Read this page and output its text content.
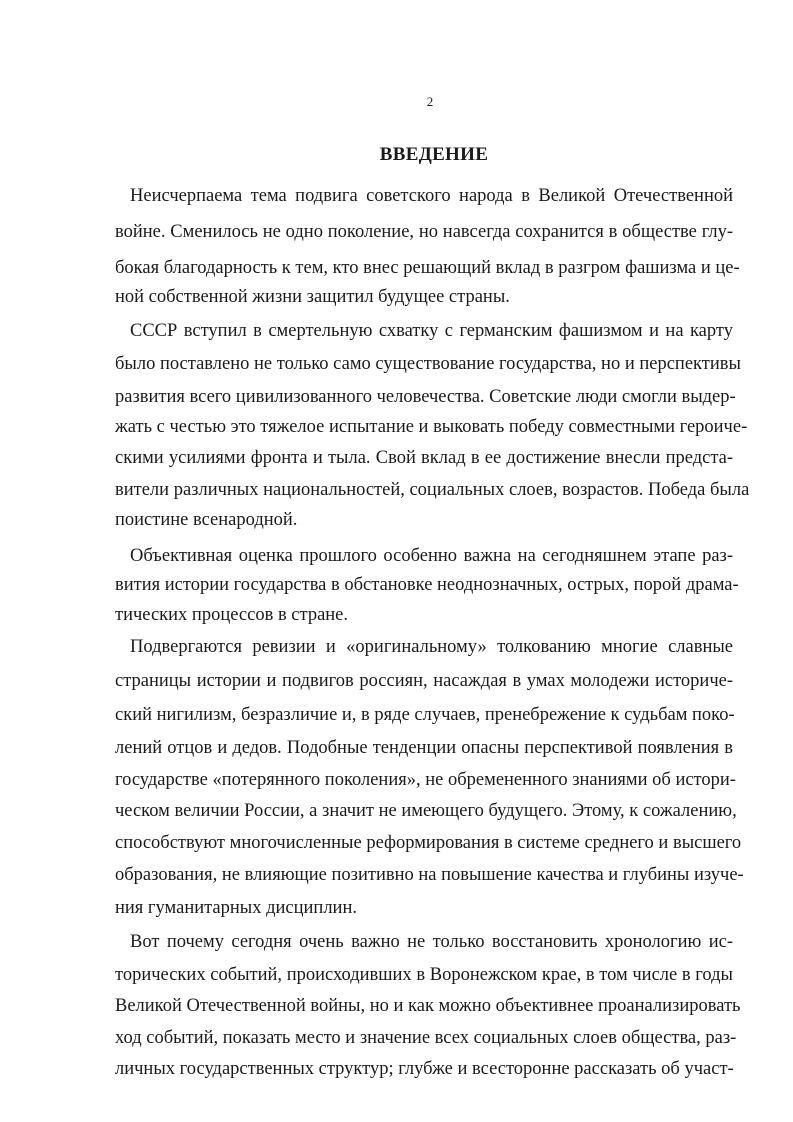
2
ВВЕДЕНИЕ
Неисчерпаема тема подвига советского народа в Великой Отечественной
войне. Сменилось не одно поколение, но навсегда сохранится в обществе глу-
бокая благодарность к тем, кто внес решающий вклад в разгром фашизма и це-
ной собственной жизни защитил будущее страны.
СССР вступил в смертельную схватку с германским фашизмом и на карту
было поставлено не только само существование государства, но и перспективы
развития всего цивилизованного человечества. Советские люди смогли выдер-
жать с честью это тяжелое испытание и выковать победу совместными героиче-
скими усилиями фронта и тыла. Свой вклад в ее достижение внесли предста-
вители различных национальностей, социальных слоев, возрастов. Победа была
поистине всенародной.
Объективная оценка прошлого особенно важна на сегодняшнем этапе раз-
вития истории государства в обстановке неоднозначных, острых, порой драма-
тических процессов в стране.
Подвергаются ревизии и «оригинальному» толкованию многие славные
страницы истории и подвигов россиян, насаждая в умах молодежи историче-
ский нигилизм, безразличие и, в ряде случаев, пренебрежение к судьбам поко-
лений отцов и дедов. Подобные тенденции опасны перспективой появления в
государстве «потерянного поколения», не обремененного знаниями об истори-
ческом величии России, а значит не имеющего будущего. Этому, к сожалению,
способствуют многочисленные реформирования в системе среднего и высшего
образования, не влияющие позитивно на повышение качества и глубины изуче-
ния гуманитарных дисциплин.
Вот почему сегодня очень важно не только восстановить хронологию ис-
торических событий, происходивших в Воронежском крае, в том числе в годы
Великой Отечественной войны, но и как можно объективнее проанализировать
ход событий, показать место и значение всех социальных слоев общества, раз-
личных государственных структур; глубже и всесторонне рассказать об участ-
